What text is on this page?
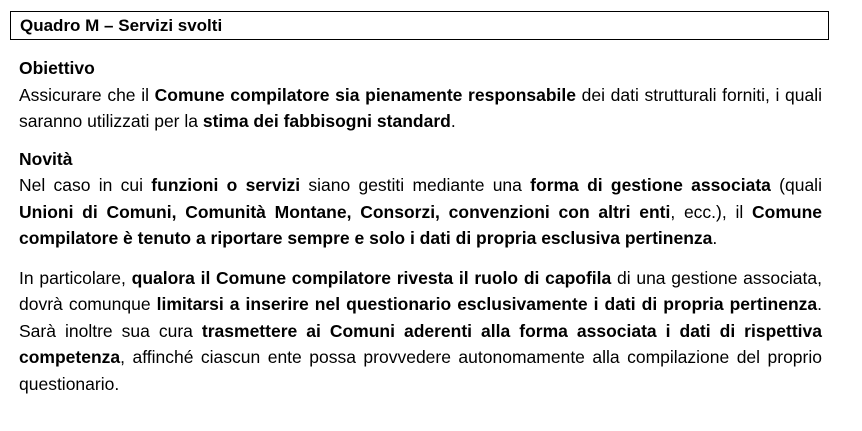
Quadro M – Servizi svolti
Obiettivo

Assicurare che il Comune compilatore sia pienamente responsabile dei dati strutturali forniti, i quali saranno utilizzati per la stima dei fabbisogni standard.

Novità

Nel caso in cui funzioni o servizi siano gestiti mediante una forma di gestione associata (quali Unioni di Comuni, Comunità Montane, Consorzi, convenzioni con altri enti, ecc.), il Comune compilatore è tenuto a riportare sempre e solo i dati di propria esclusiva pertinenza.

In particolare, qualora il Comune compilatore rivesta il ruolo di capofila di una gestione associata, dovrà comunque limitarsi a inserire nel questionario esclusivamente i dati di propria pertinenza. Sarà inoltre sua cura trasmettere ai Comuni aderenti alla forma associata i dati di rispettiva competenza, affinché ciascun ente possa provvedere autonomamente alla compilazione del proprio questionario.
